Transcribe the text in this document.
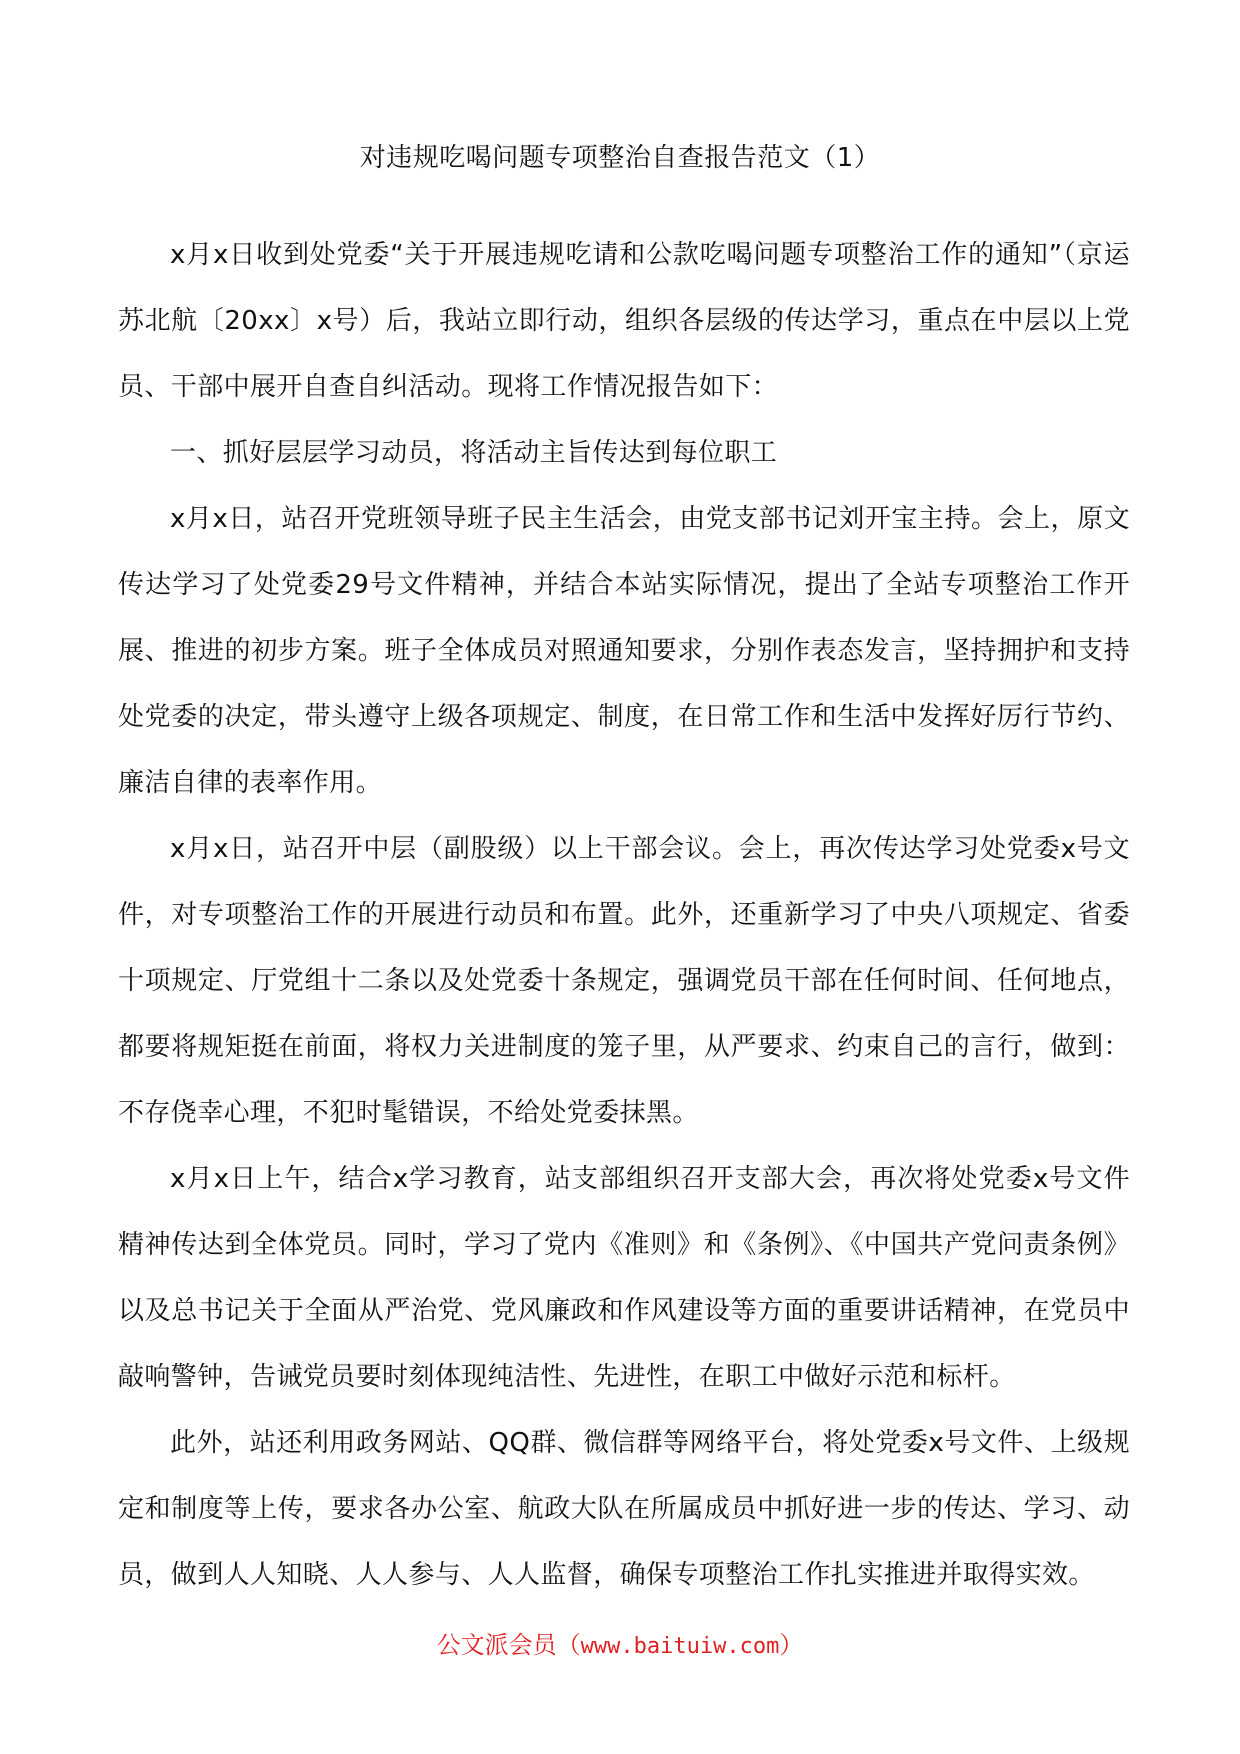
对违规吃喝问题专项整治自查报告范文（1）

x月x日收到处党委“关于开展违规吃请和公款吃喝问题专项整治工作的通知”（京运苏北航〔20xx〕x号）后，我站立即行动，组织各层级的传达学习，重点在中层以上党员、干部中展开自查自纠活动。现将工作情况报告如下：

一、抓好层层学习动员，将活动主旨传达到每位职工

x月x日，站召开党班领导班子民主生活会，由党支部书记刘开宝主持。会上，原文传达学习了处党委29号文件精神，并结合本站实际情况，提出了全站专项整治工作开展、推进的初步方案。班子全体成员对照通知要求，分别作表态发言，坚持拥护和支持处党委的决定，带头遵守上级各项规定、制度，在日常工作和生活中发挥好厉行节约、廉洁自律的表率作用。

x月x日，站召开中层（副股级）以上干部会议。会上，再次传达学习处党委x号文件，对专项整治工作的开展进行动员和布置。此外，还重新学习了中央八项规定、省委十项规定、厅党组十二条以及处党委十条规定，强调党员干部在任何时间、任何地点，都要将规矩挺在前面，将权力关进制度的笼子里，从严要求、约束自己的言行，做到：不存侥幸心理，不犯时髦错误，不给处党委抹黑。

x月x日上午，结合x学习教育，站支部组织召开支部大会，再次将处党委x号文件精神传达到全体党员。同时，学习了党内《准则》和《条例》、《中国共产党问责条例》以及总书记关于全面从严治党、党风廉政和作风建设等方面的重要讲话精神，在党员中敲响警钟，告诫党员要时刻体现纯洁性、先进性，在职工中做好示范和标杆。

此外，站还利用政务网站、QQ群、微信群等网络平台，将处党委x号文件、上级规定和制度等上传，要求各办公室、航政大队在所属成员中抓好进一步的传达、学习、动员，做到人人知晓、人人参与、人人监督，确保专项整治工作扎实推进并取得实效。

公文派会员（www.baituiw.com）
